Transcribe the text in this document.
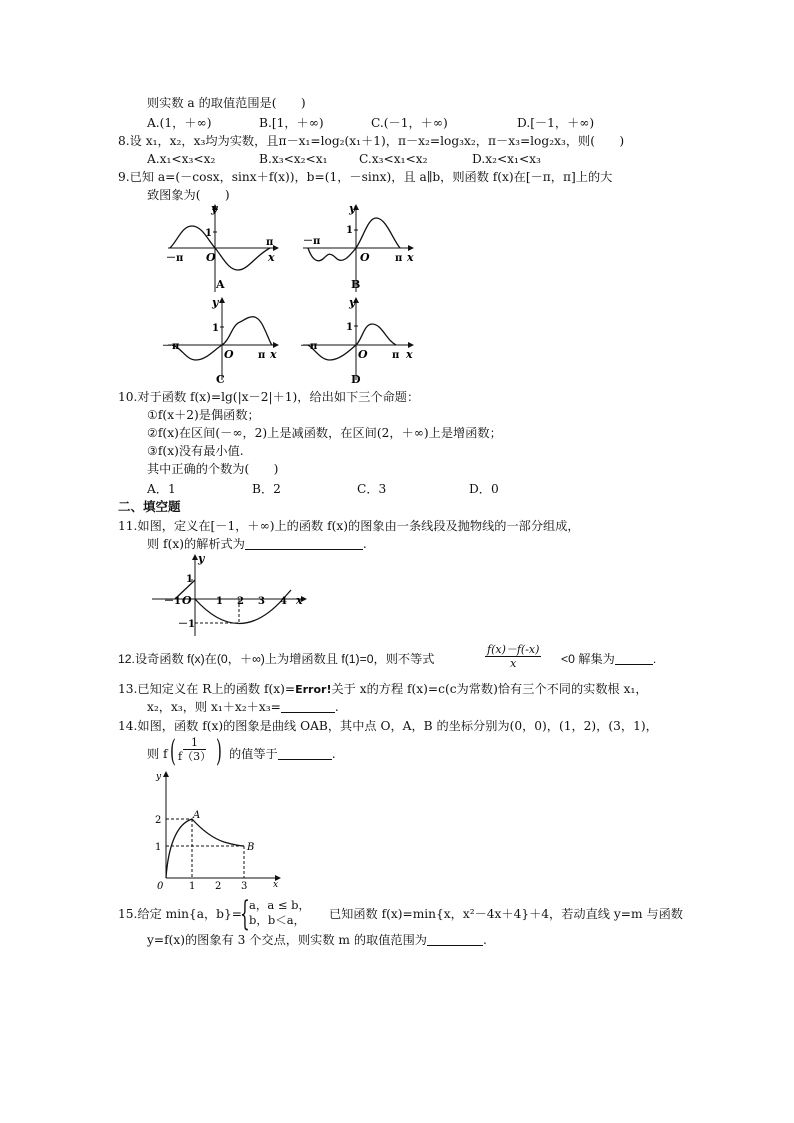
则实数 a 的取值范围是(　　)
A.(1，＋∞)	B.[1，＋∞)	C.(－1，＋∞)	D.[－1，＋∞)
8.设 x₁，x₂，x₃均为实数，且π－x₁=log₂(x₁＋1)，π－x₂=log₃x₂，π－x₃=log₂x₃，则(　　)
A.x₁<x₃<x₂	B.x₃<x₂<x₁	C.x₃<x₁<x₂	D.x₂<x₁<x₃
9.已知 a=(－cosx，sinx＋f(x))，b=(1，－sinx)，且 a∥b，则函数 f(x)在[－π，π]上的大
致图象为(　　)
y
1
O
－π
π
x
A
y
1
O
－π
π x
B
y
1
O
－π
π x
C
y
1
O
－π
π x
D
10.对于函数 f(x)=lg(|x－2|＋1)，给出如下三个命题：
①f(x＋2)是偶函数；
②f(x)在区间(－∞，2)上是减函数，在区间(2，＋∞)上是增函数；
③f(x)没有最小值.
其中正确的个数为(　　)
A．1	B．2	C．3	D．0
二、填空题
11.如图，定义在[－1，＋∞)上的函数 f(x)的图象由一条线段及抛物线的一部分组成，
则 f(x)的解析式为	.
y
1
O
－1
－1	1 2 3 4 x
12.设奇函数 f(x)在(0，＋∞)上为增函数且 f(1)=0，则不等式	$\frac{f(x)-f(-x)}{x} <0$ 解集为	.
13.已知定义在 R上的函数 f(x)=Error!关于 x的方程 f(x)=c(c为常数)恰有三个不同的实数根 x₁，
x₂，x₃，则 x₁＋x₂＋x₃=	.
14.如图，函数 f(x)的图象是曲线 OAB，其中点 O，A，B 的坐标分别为(0，0)，(1，2)，(3，1)，
则 f ( $\frac{1}{f(3)}$ ) 的值等于	.
y
2
1
0	1 2 3	x
A
B
15.给定 min{a，b}=
{ a，a ≤ b，
b，b＜a， 已知函数 f(x)=min{x，x²－4x＋4}＋4，若动直线 y=m 与函数
y=f(x)的图象有 3 个交点，则实数 m 的取值范围为	.
